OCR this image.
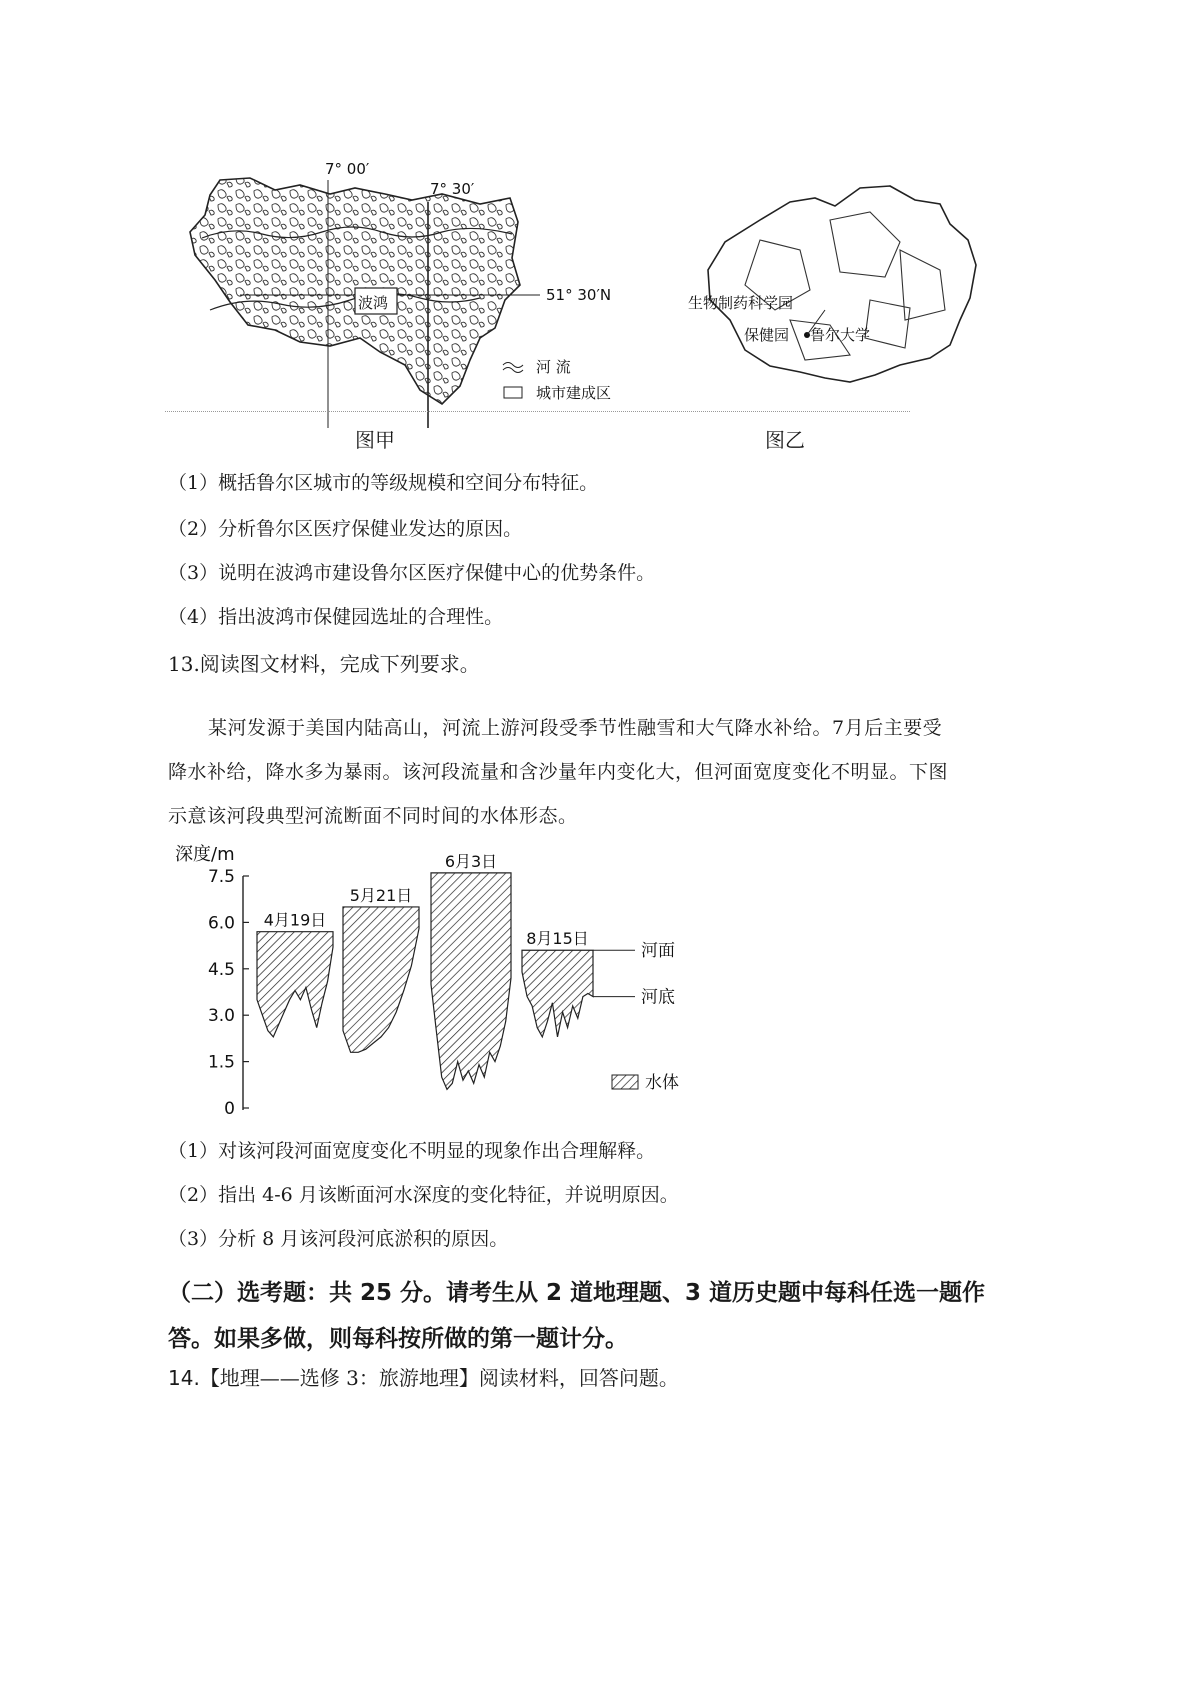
波鸿
7° 00′
7° 30′
51° 30′N
河 流
城市建成区
生物制药科学园
保健园 鲁尔大学
图甲	图乙
（1）概括鲁尔区城市的等级规模和空间分布特征。
（2）分析鲁尔区医疗保健业发达的原因。
（3）说明在波鸿市建设鲁尔区医疗保健中心的优势条件。
（4）指出波鸿市保健园选址的合理性。
13.阅读图文材料，完成下列要求。
某河发源于美国内陆高山，河流上游河段受季节性融雪和大气降水补给。7月后主要受
降水补给，降水多为暴雨。该河段流量和含沙量年内变化大，但河面宽度变化不明显。下图
示意该河段典型河流断面不同时间的水体形态。
深度/m
7.5
6.0
4.5
3.0
1.5
0
4月19日
5月21日
6月3日
8月15日
河面
河底
水体
（1）对该河段河面宽度变化不明显的现象作出合理解释。
（2）指出 4-6 月该断面河水深度的变化特征，并说明原因。
（3）分析 8 月该河段河底淤积的原因。
（二）选考题：共 25 分。请考生从 2 道地理题、3 道历史题中每科任选一题作
答。如果多做，则每科按所做的第一题计分。
14.【地理——选修 3：旅游地理】阅读材料，回答问题。
